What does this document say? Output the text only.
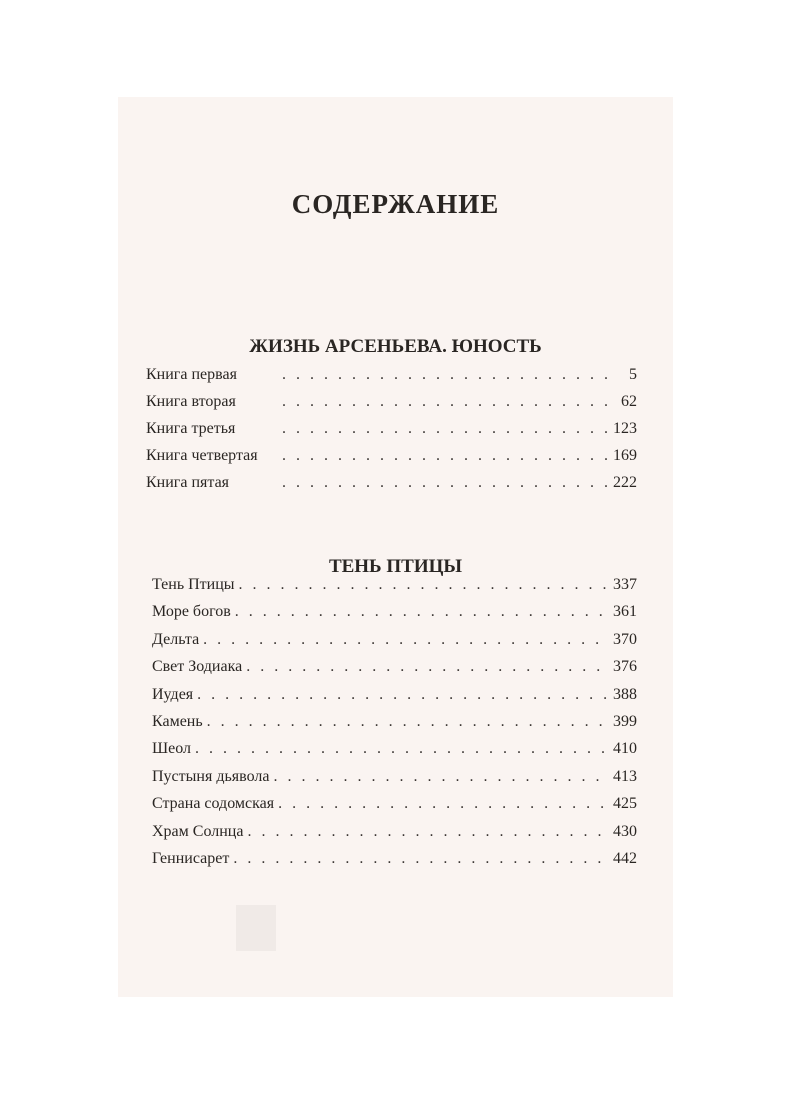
СОДЕРЖАНИЕ
ЖИЗНЬ АРСЕНЬЕВА. ЮНОСТЬ
Книга первая . . .	5
Книга вторая . . .	62
Книга третья . . .	123
Книга четвертая . . .	169
Книга пятая . . .	222
ТЕНЬ ПТИЦЫ
Тень Птицы . . .	337
Море богов . . .	361
Дельта . . .	370
Свет Зодиака . . .	376
Иудея . . .	388
Камень . . .	399
Шеол . . .	410
Пустыня дьявола . . .	413
Страна содомская . . .	425
Храм Солнца . . .	430
Геннисарет . . .	442
